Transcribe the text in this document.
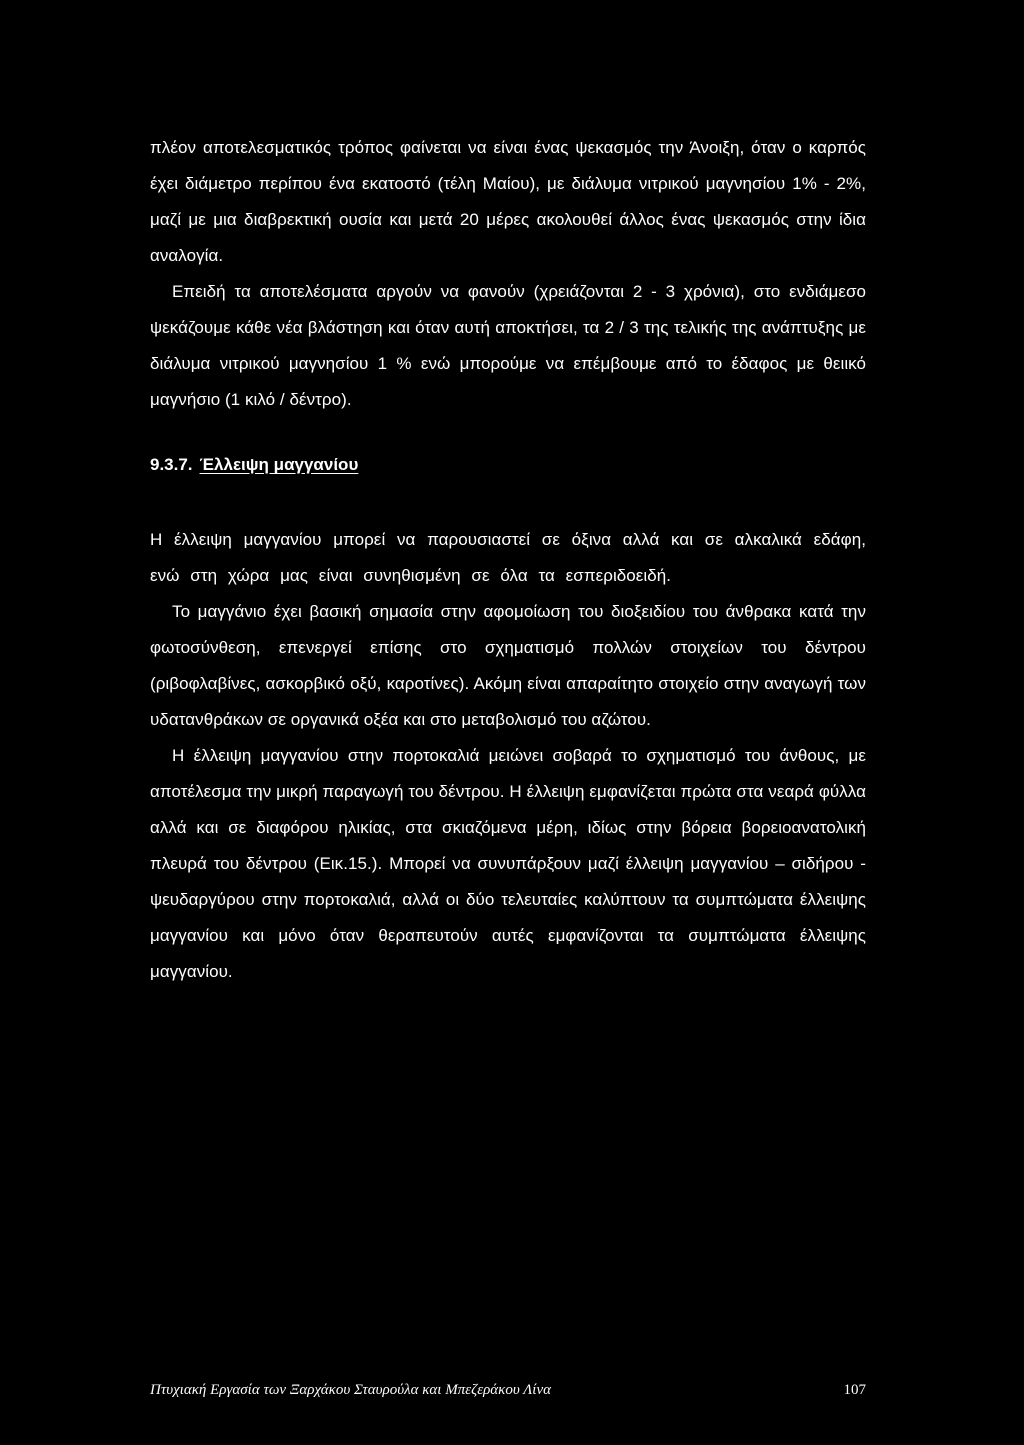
πλέον αποτελεσματικός τρόπος φαίνεται να είναι ένας ψεκασμός την Άνοιξη, όταν ο καρπός έχει διάμετρο περίπου ένα εκατοστό (τέλη Μαίου), με διάλυμα νιτρικού μαγνησίου 1% - 2%, μαζί με μια διαβρεκτική ουσία και μετά 20 μέρες ακολουθεί άλλος ένας ψεκασμός στην ίδια αναλογία.

Επειδή τα αποτελέσματα αργούν να φανούν (χρειάζονται 2 - 3 χρόνια), στο ενδιάμεσο ψεκάζουμε κάθε νέα βλάστηση και όταν αυτή αποκτήσει, τα 2 / 3 της τελικής της ανάπτυξης με διάλυμα νιτρικού μαγνησίου 1 % ενώ μπορούμε να επέμβουμε από το έδαφος με θειικό μαγνήσιο (1 κιλό / δέντρο).

9.3.7. Έλλειψη μαγγανίου

Η έλλειψη μαγγανίου μπορεί να παρουσιαστεί σε όξινα αλλά και σε αλκαλικά εδάφη, ενώ στη χώρα μας είναι συνηθισμένη σε όλα τα εσπεριδοειδή.

Το μαγγάνιο έχει βασική σημασία στην αφομοίωση του διοξειδίου του άνθρακα κατά την φωτοσύνθεση, επενεργεί επίσης στο σχηματισμό πολλών στοιχείων του δέντρου (ριβοφλαβίνες, ασκορβικό οξύ, καροτίνες). Ακόμη είναι απαραίτητο στοιχείο στην αναγωγή των υδατανθράκων σε οργανικά οξέα και στο μεταβολισμό του αζώτου.

Η έλλειψη μαγγανίου στην πορτοκαλιά μειώνει σοβαρά το σχηματισμό του άνθους, με αποτέλεσμα την μικρή παραγωγή του δέντρου. Η έλλειψη εμφανίζεται πρώτα στα νεαρά φύλλα αλλά και σε διαφόρου ηλικίας, στα σκιαζόμενα μέρη, ιδίως στην βόρεια βορειοανατολική πλευρά του δέντρου (Εικ.15.). Μπορεί να συνυπάρξουν μαζί έλλειψη μαγγανίου – σιδήρου - ψευδαργύρου στην πορτοκαλιά, αλλά οι δύο τελευταίες καλύπτουν τα συμπτώματα έλλειψης μαγγανίου και μόνο όταν θεραπευτούν αυτές εμφανίζονται τα συμπτώματα έλλειψης μαγγανίου.

Πτυχιακή Εργασία των Ξαρχάκου Σταυρούλα και Μπεζεράκου Λίνα	107
